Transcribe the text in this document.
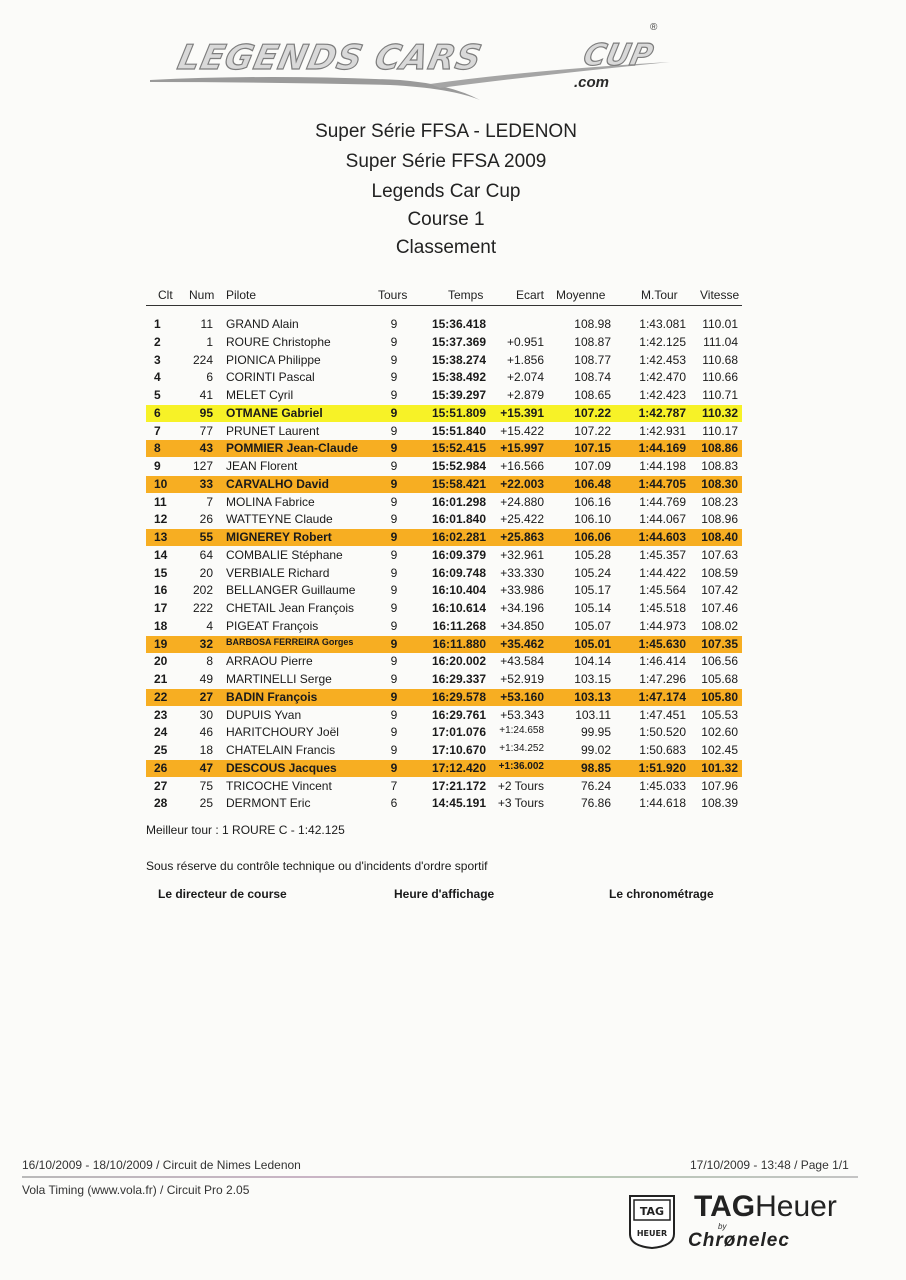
LEGENDS CARS	CUP
.com
®
Super Série FFSA - LEDENON
Super Série FFSA 2009
Legends Car Cup
Course 1
Classement
Clt Num Pilote	Tours	Temps	Ecart Moyenne	M.Tour Vitesse
1	11 GRAND Alain	9	15:36.418	108.98	1:43.081	110.01
2	1 ROURE Christophe	9	15:37.369	+0.951	108.87	1:42.125	111.04
3	224 PIONICA Philippe	9	15:38.274	+1.856	108.77	1:42.453	110.68
4	6 CORINTI Pascal	9	15:38.492	+2.074	108.74	1:42.470	110.66
5	41 MELET Cyril	9	15:39.297	+2.879	108.65	1:42.423	110.71
6	95 OTMANE Gabriel	9	15:51.809	+15.391	107.22	1:42.787	110.32
7	77 PRUNET Laurent	9	15:51.840	+15.422	107.22	1:42.931	110.17
8	43 POMMIER Jean-Claude	9	15:52.415	+15.997	107.15	1:44.169	108.86
9	127 JEAN Florent	9	15:52.984	+16.566	107.09	1:44.198	108.83
10	33 CARVALHO David	9	15:58.421	+22.003	106.48	1:44.705	108.30
11	7 MOLINA Fabrice	9	16:01.298	+24.880	106.16	1:44.769	108.23
12	26 WATTEYNE Claude	9	16:01.840	+25.422	106.10	1:44.067	108.96
13	55 MIGNEREY Robert	9	16:02.281	+25.863	106.06	1:44.603	108.40
14	64 COMBALIE Stéphane	9	16:09.379	+32.961	105.28	1:45.357	107.63
15	20 VERBIALE Richard	9	16:09.748	+33.330	105.24	1:44.422	108.59
16	202 BELLANGER Guillaume	9	16:10.404	+33.986	105.17	1:45.564	107.42
17	222 CHETAIL Jean François	9	16:10.614	+34.196	105.14	1:45.518	107.46
18	4 PIGEAT François	9	16:11.268	+34.850	105.07	1:44.973	108.02
19	32 BARBOSA FERREIRA Gorges	9	16:11.880	+35.462	105.01	1:45.630	107.35
20	8 ARRAOU Pierre	9	16:20.002	+43.584	104.14	1:46.414	106.56
21	49 MARTINELLI Serge	9	16:29.337	+52.919	103.15	1:47.296	105.68
22	27 BADIN François	9	16:29.578	+53.160	103.13	1:47.174	105.80
23	30 DUPUIS Yvan	9	16:29.761	+53.343	103.11	1:47.451	105.53
24	46 HARITCHOURY Joël	9	17:01.076	+1:24.658	99.95	1:50.520	102.60
25	18 CHATELAIN Francis	9	17:10.670	+1:34.252	99.02	1:50.683	102.45
26	47 DESCOUS Jacques	9	17:12.420	+1:36.002	98.85	1:51.920	101.32
27	75 TRICOCHE Vincent	7	17:21.172 +2 Tours	76.24	1:45.033	107.96
28	25 DERMONT Eric	6	14:45.191 +3 Tours	76.86	1:44.618	108.39
Meilleur tour : 1 ROURE C - 1:42.125
Sous réserve du contrôle technique ou d'incidents d'ordre sportif
Le directeur de course	Heure d'affichage	Le chronométrage
16/10/2009 - 18/10/2009 / Circuit de Nimes Ledenon	17/10/2009 - 13:48 / Page 1/1
Vola Timing (www.vola.fr) / Circuit Pro 2.05
TAG
HEUER
TAGHeuer
by
Chrønelec
